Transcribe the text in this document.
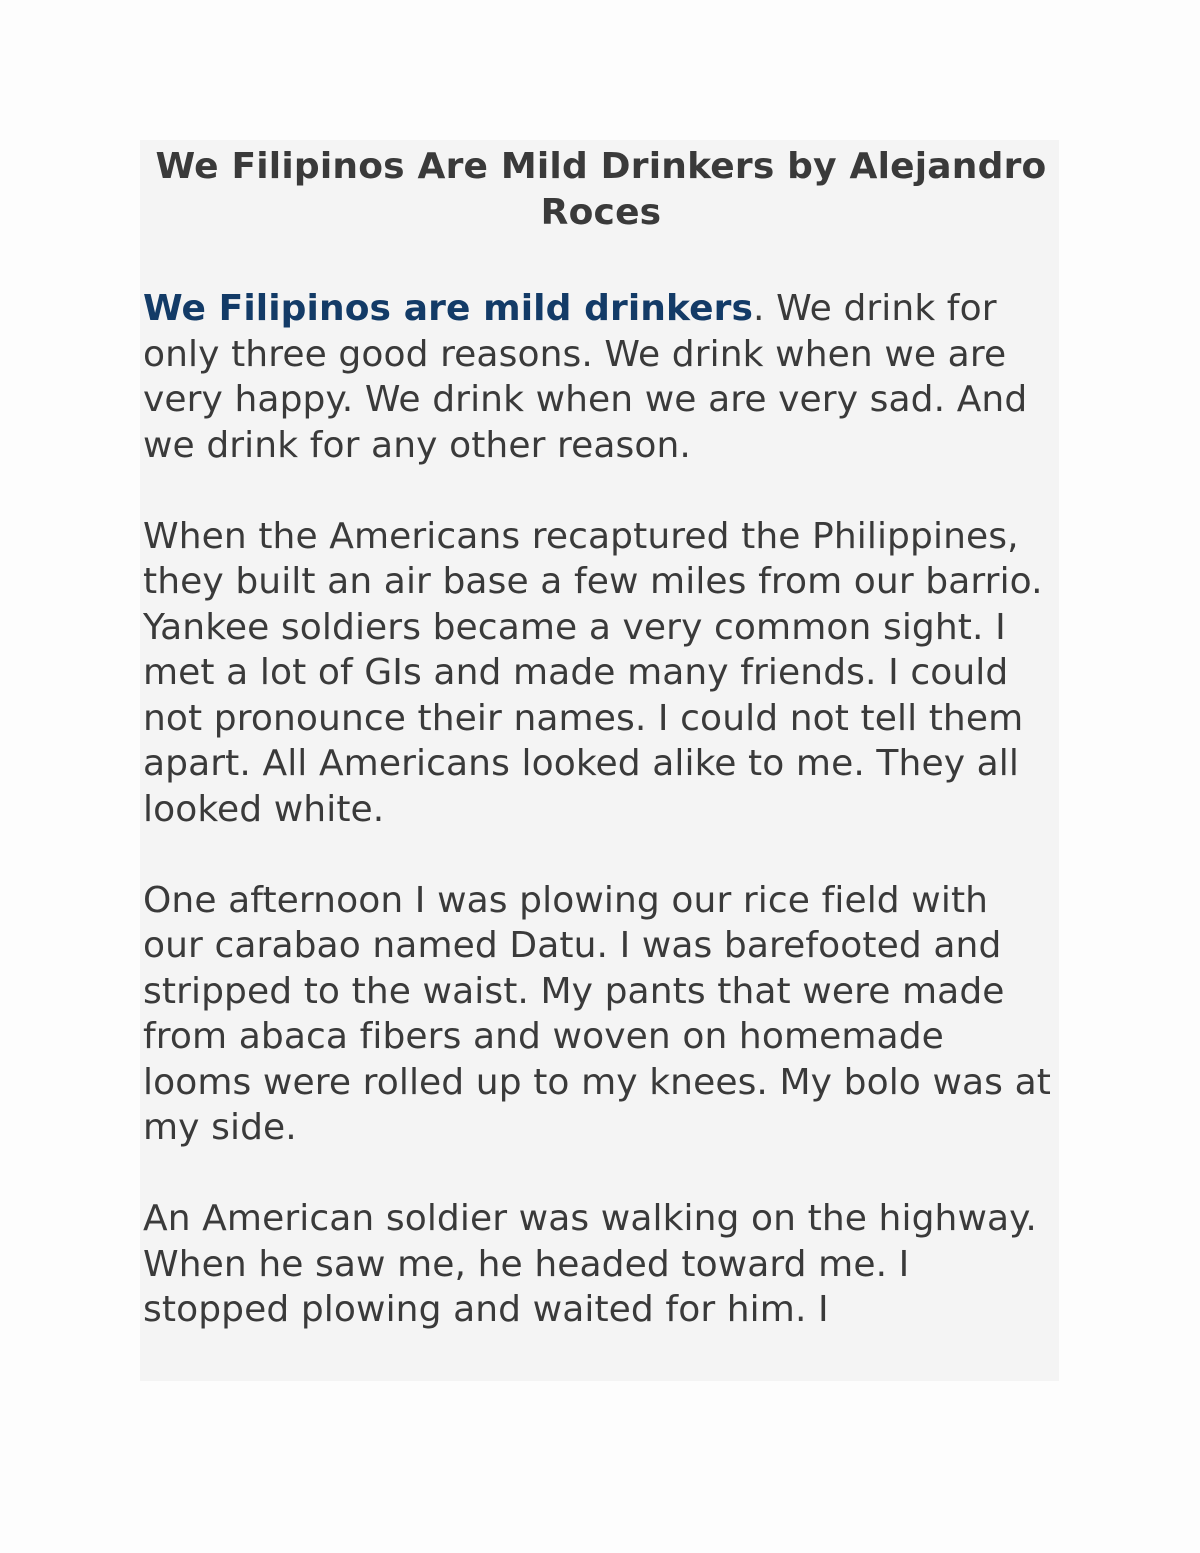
We Filipinos Are Mild Drinkers by Alejandro Roces

We Filipinos are mild drinkers. We drink for only three good reasons. We drink when we are very happy. We drink when we are very sad. And we drink for any other reason.

When the Americans recaptured the Philippines, they built an air base a few miles from our barrio. Yankee soldiers became a very common sight. I met a lot of GIs and made many friends. I could not pronounce their names. I could not tell them apart. All Americans looked alike to me. They all looked white.

One afternoon I was plowing our rice field with our carabao named Datu. I was barefooted and stripped to the waist. My pants that were made from abaca fibers and woven on homemade looms were rolled up to my knees. My bolo was at my side.

An American soldier was walking on the highway. When he saw me, he headed toward me. I stopped plowing and waited for him. I
